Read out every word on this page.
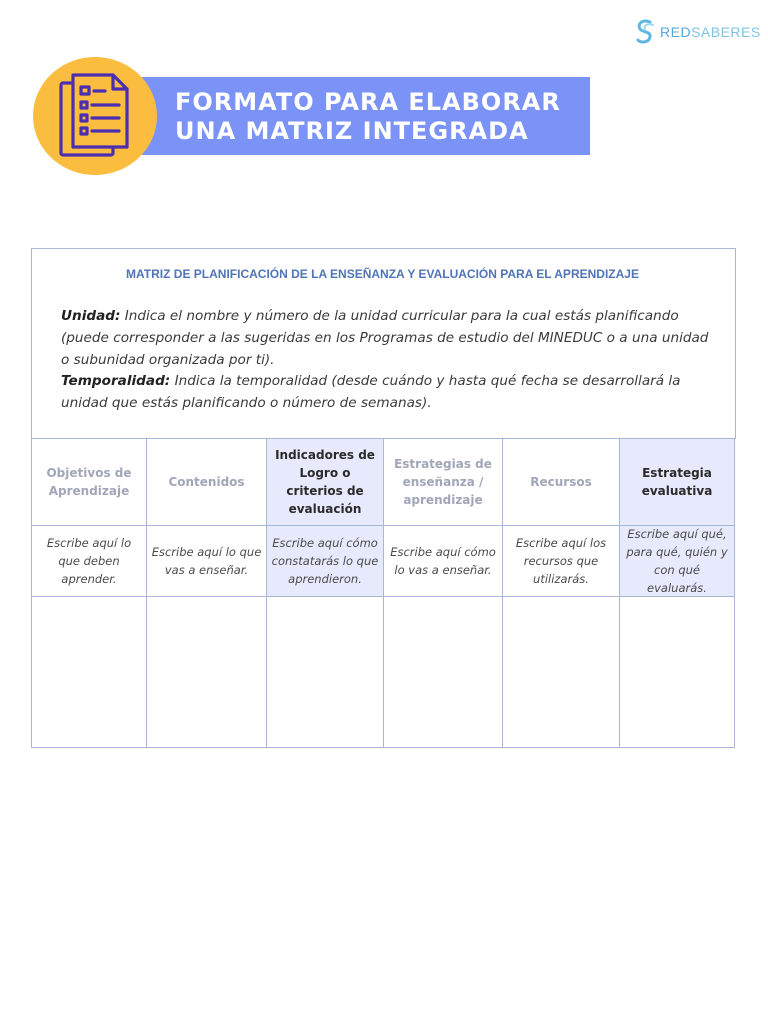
REDSABERES
FORMATO PARA ELABORAR
UNA MATRIZ INTEGRADA
MATRIZ DE PLANIFICACIÓN DE LA ENSEÑANZA Y EVALUACIÓN PARA EL APRENDIZAJE

Unidad: Indica el nombre y número de la unidad curricular para la cual estás planificando (puede corresponder a las sugeridas en los Programas de estudio del MINEDUC o a una unidad o subunidad organizada por ti).
Temporalidad: Indica la temporalidad (desde cuándo y hasta qué fecha se desarrollará la unidad que estás planificando o número de semanas).

Objetivos de Aprendizaje
Contenidos
Indicadores de Logro o criterios de evaluación
Estrategias de enseñanza / aprendizaje
Recursos
Estrategia evaluativa
Escribe aquí lo que deben aprender.
Escribe aquí lo que vas a enseñar.
Escribe aquí cómo constatarás lo que aprendieron.
Escribe aquí cómo lo vas a enseñar.
Escribe aquí los recursos que utilizarás.
Escribe aquí qué, para qué, quién y con qué evaluarás.
